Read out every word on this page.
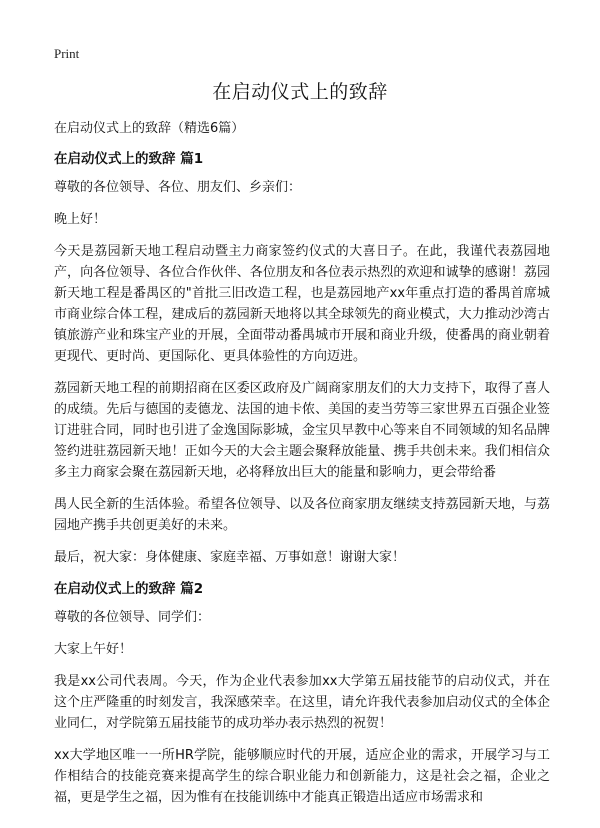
Print
在启动仪式上的致辞
在启动仪式上的致辞（精选6篇）
在启动仪式上的致辞 篇1

尊敬的各位领导、各位、朋友们、乡亲们：

晚上好！

今天是荔园新天地工程启动暨主力商家签约仪式的大喜日子。在此，我谨代表荔园地产，向各位领导、各位合作伙伴、各位朋友和各位表示热烈的欢迎和诚挚的感谢！荔园新天地工程是番禺区的"首批三旧改造工程，也是荔园地产xx年重点打造的番禺首席城市商业综合体工程，建成后的荔园新天地将以其全球领先的商业模式，大力推动沙湾古镇旅游产业和珠宝产业的开展，全面带动番禺城市开展和商业升级，使番禺的商业朝着更现代、更时尚、更国际化、更具体验性的方向迈进。

荔园新天地工程的前期招商在区委区政府及广阔商家朋友们的大力支持下，取得了喜人的成绩。先后与德国的麦德龙、法国的迪卡侬、美国的麦当劳等三家世界五百强企业签订进驻合同，同时也引进了金逸国际影城，金宝贝早教中心等来自不同领域的知名品牌签约进驻荔园新天地！正如今天的大会主题会聚释放能量、携手共创未来。我们相信众多主力商家会聚在荔园新天地，必将释放出巨大的能量和影响力，更会带给番

禺人民全新的生活体验。希望各位领导、以及各位商家朋友继续支持荔园新天地，与荔园地产携手共创更美好的未来。

最后，祝大家：身体健康、家庭幸福、万事如意！谢谢大家！

在启动仪式上的致辞 篇2

尊敬的各位领导、同学们：

大家上午好！

我是xx公司代表周。今天，作为企业代表参加xx大学第五届技能节的启动仪式，并在这个庄严隆重的时刻发言，我深感荣幸。在这里，请允许我代表参加启动仪式的全体企业同仁，对学院第五届技能节的成功举办表示热烈的祝贺！

xx大学地区唯一一所HR学院，能够顺应时代的开展，适应企业的需求，开展学习与工作相结合的技能竞赛来提高学生的综合职业能力和创新能力，这是社会之福，企业之福，更是学生之福，因为惟有在技能训练中才能真正锻造出适应市场需求和
